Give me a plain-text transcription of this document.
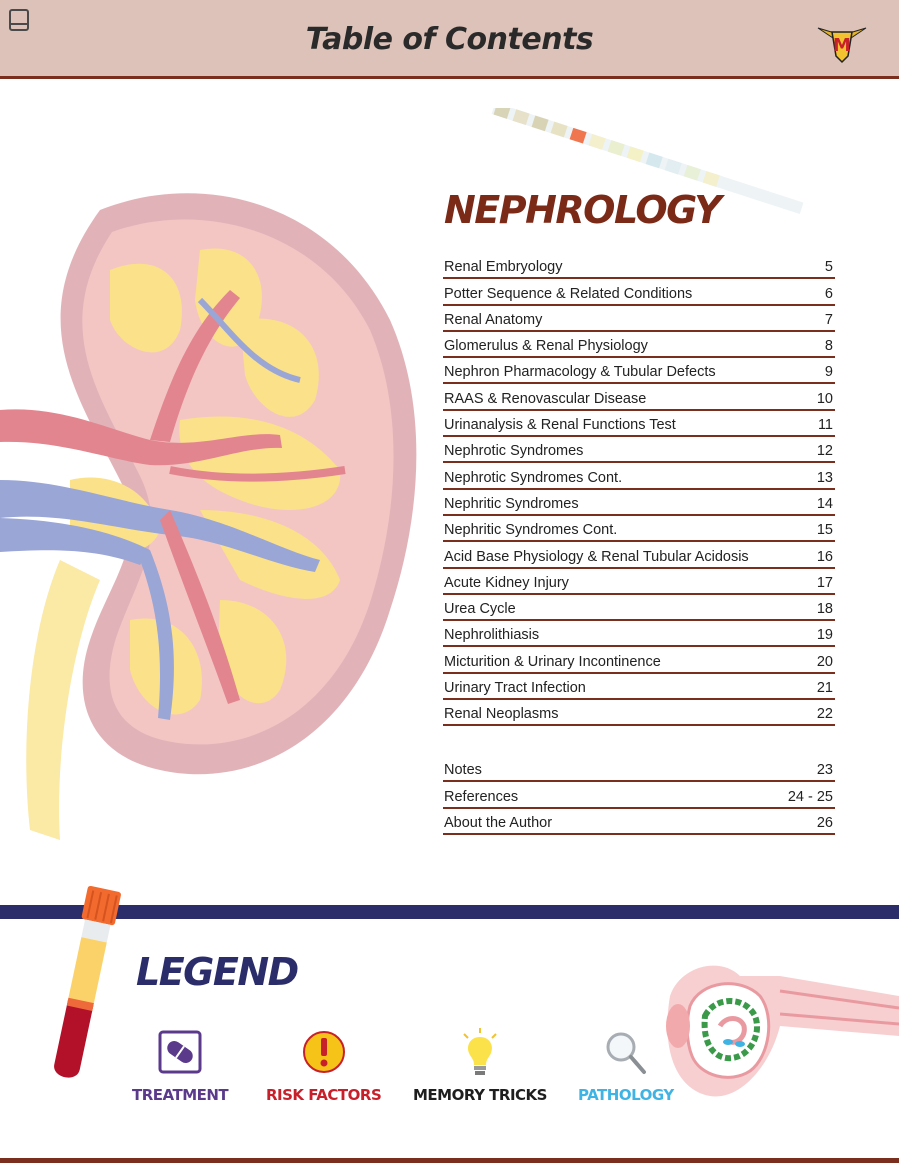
Table of Contents	M
NEPHROLOGY
Renal Embryology	5
Potter Sequence & Related Conditions	6
Renal Anatomy	7
Glomerulus & Renal Physiology	8
Nephron Pharmacology & Tubular Defects	9
RAAS & Renovascular Disease	10
Urinanalysis & Renal Functions Test	11
Nephrotic Syndromes	12
Nephrotic Syndromes Cont.	13
Nephritic Syndromes	14
Nephritic Syndromes Cont.	15
Acid Base Physiology & Renal Tubular Acidosis	16
Acute Kidney Injury	17
Urea Cycle	18
Nephrolithiasis	19
Micturition & Urinary Incontinence	20
Urinary Tract Infection	21
Renal Neoplasms	22
Notes	23
References	24 - 25
About the Author	26
LEGEND
TREATMENT	RISK FACTORS MEMORY TRICKS PATHOLOGY
